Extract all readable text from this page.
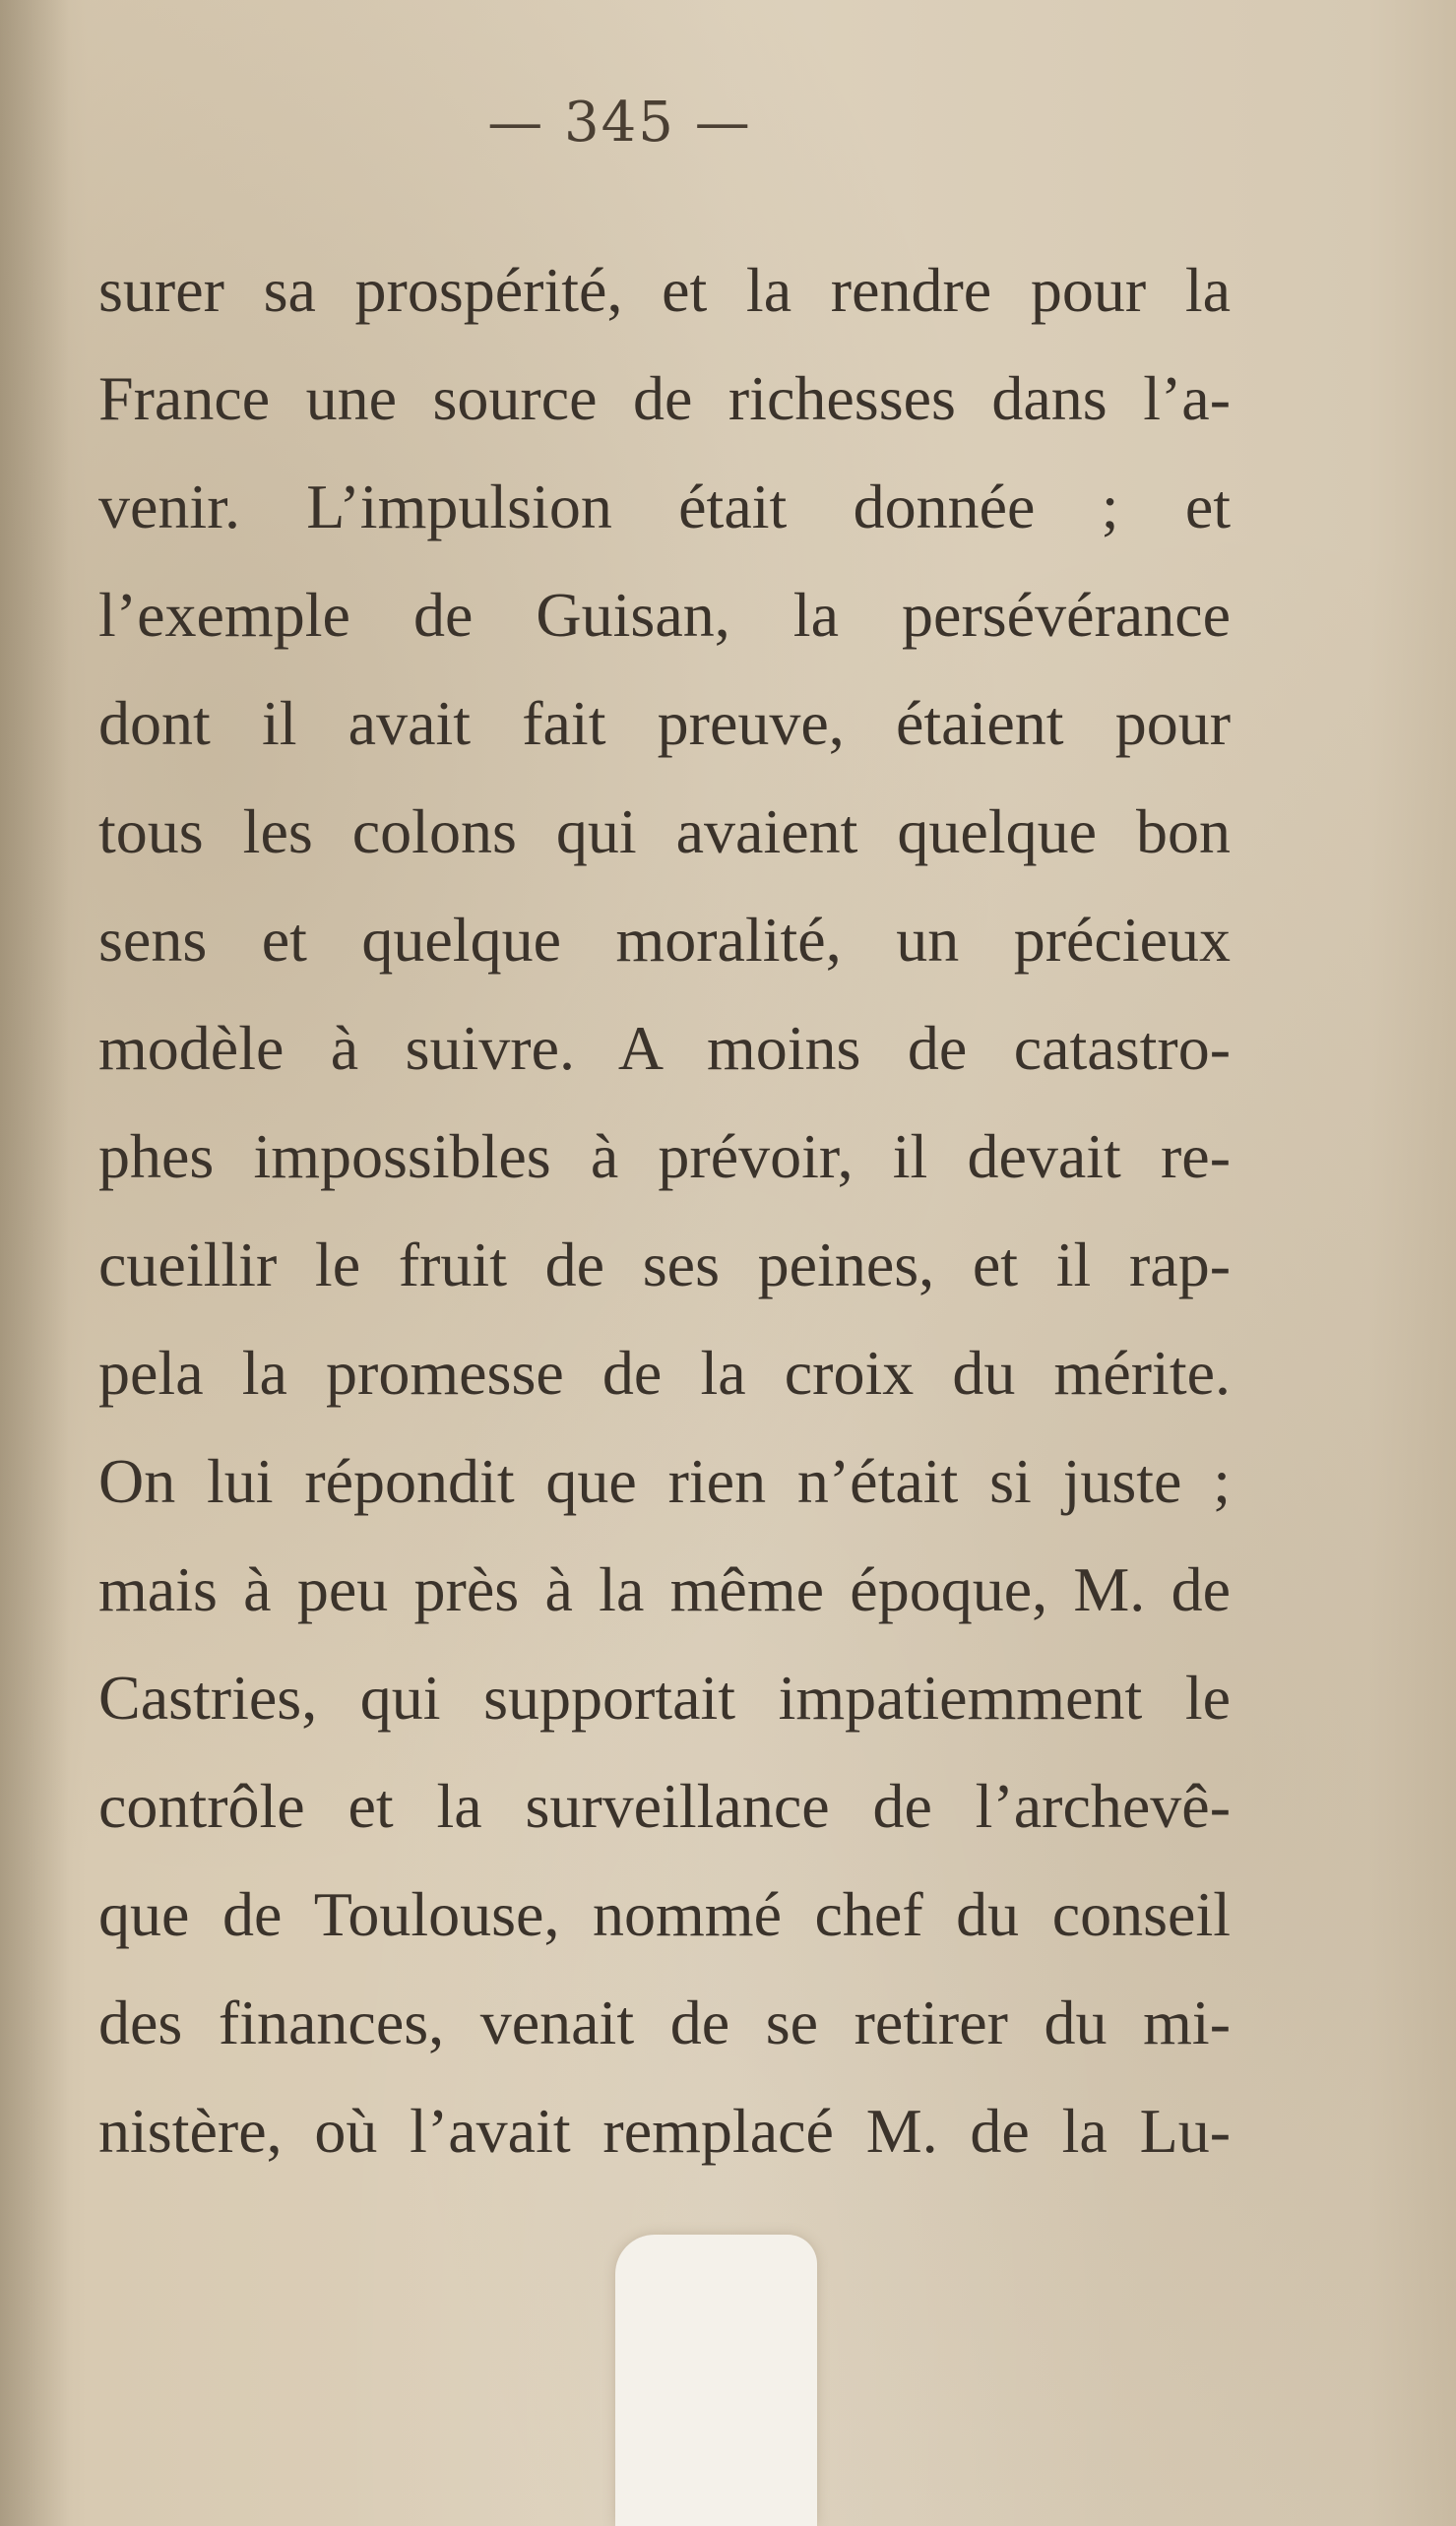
— 345 —
surer sa prospérité, et la rendre pour la
France une source de richesses dans l’a-
venir. L’impulsion était donnée ; et
l’exemple de Guisan, la persévérance
dont il avait fait preuve, étaient pour
tous les colons qui avaient quelque bon
sens et quelque moralité, un précieux
modèle à suivre. A moins de catastro-
phes impossibles à prévoir, il devait re-
cueillir le fruit de ses peines, et il rap-
pela la promesse de la croix du mérite.
On lui répondit que rien n’était si juste ;
mais à peu près à la même époque, M. de
Castries, qui supportait impatiemment le
contrôle et la surveillance de l’archevê-
que de Toulouse, nommé chef du conseil
des finances, venait de se retirer du mi-
nistère, où l’avait remplacé M. de la Lu-
